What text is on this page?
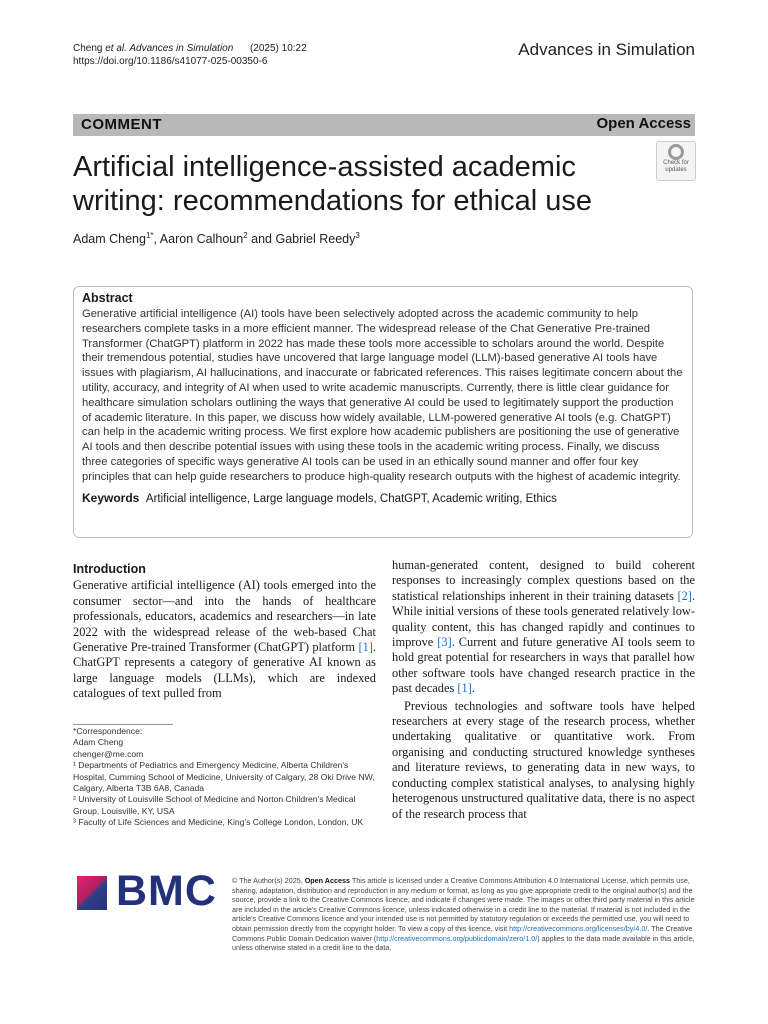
Cheng et al. Advances in Simulation (2025) 10:22
https://doi.org/10.1186/s41077-025-00350-6
Advances in Simulation
COMMENT	Open Access
Artificial intelligence-assisted academic writing: recommendations for ethical use
Check for
updates
Adam Cheng$^{1*}$, Aaron Calhoun$^2$ and Gabriel Reedy$^3$
Abstract

Generative artificial intelligence (AI) tools have been selectively adopted across the academic community to help researchers complete tasks in a more efficient manner. The widespread release of the Chat Generative Pre-trained Transformer (ChatGPT) platform in 2022 has made these tools more accessible to scholars around the world. Despite their tremendous potential, studies have uncovered that large language model (LLM)-based generative AI tools have issues with plagiarism, AI hallucinations, and inaccurate or fabricated references. This raises legitimate concern about the utility, accuracy, and integrity of AI when used to write academic manuscripts. Currently, there is little clear guidance for healthcare simulation scholars outlining the ways that generative AI could be used to legitimately support the production of academic literature. In this paper, we discuss how widely available, LLM-powered generative AI tools (e.g. ChatGPT) can help in the academic writing process. We first explore how academic publishers are positioning the use of generative AI tools and then describe potential issues with using these tools in the academic writing process. Finally, we discuss three categories of specific ways generative AI tools can be used in an ethically sound manner and offer four key principles that can help guide researchers to produce high-quality research outputs with the highest of academic integrity.

Keywords Artificial intelligence, Large language models, ChatGPT, Academic writing, Ethics
Introduction

Generative artificial intelligence (AI) tools emerged into the consumer sector—and into the hands of healthcare professionals, educators, academics and researchers—in late 2022 with the widespread release of the web-based Chat Generative Pre-trained Transformer (ChatGPT) platform [1]. ChatGPT represents a category of generative AI known as large language models (LLMs), which are indexed catalogues of text pulled from

human-generated content, designed to build coherent responses to increasingly complex questions based on the statistical relationships inherent in their training datasets [2]. While initial versions of these tools generated relatively low-quality content, this has changed rapidly and continues to improve [3]. Current and future generative AI tools seem to hold great potential for researchers in ways that parallel how other software tools have changed research practice in the past decades [1].

Previous technologies and software tools have helped researchers at every stage of the research process, whether undertaking qualitative or quantitative work. From organising and conducting structured knowledge syntheses and literature reviews, to generating data in new ways, to conducting complex statistical analyses, to analysing highly heterogenous unstructured qualitative data, there is no aspect of the research process that

*Correspondence:
Adam Cheng
chenger@me.com
¹ Departments of Pediatrics and Emergency Medicine, Alberta Children's Hospital, Cumming School of Medicine, University of Calgary, 28 Oki Drive NW, Calgary, Alberta T3B 6A8, Canada
² University of Louisville School of Medicine and Norton Children's Medical Group, Louisville, KY, USA
³ Faculty of Life Sciences and Medicine, King's College London, London, UK
BMC © The Author(s) 2025. Open Access This article is licensed under a Creative Commons Attribution 4.0 International License, which permits use, sharing, adaptation, distribution and reproduction in any medium or format, as long as you give appropriate credit to the original author(s) and the source, provide a link to the Creative Commons licence, and indicate if changes were made. The images or other third party material in this article are included in the article's Creative Commons licence, unless indicated otherwise in a credit line to the material. If material is not included in the article's Creative Commons licence and your intended use is not permitted by statutory regulation or exceeds the permitted use, you will need to obtain permission directly from the copyright holder. To view a copy of this licence, visit http://creativecommons.org/licenses/by/4.0/. The Creative Commons Public Domain Dedication waiver (http://creativecommons.org/publicdomain/zero/1.0/) applies to the data made available in this article, unless otherwise stated in a credit line to the data.
